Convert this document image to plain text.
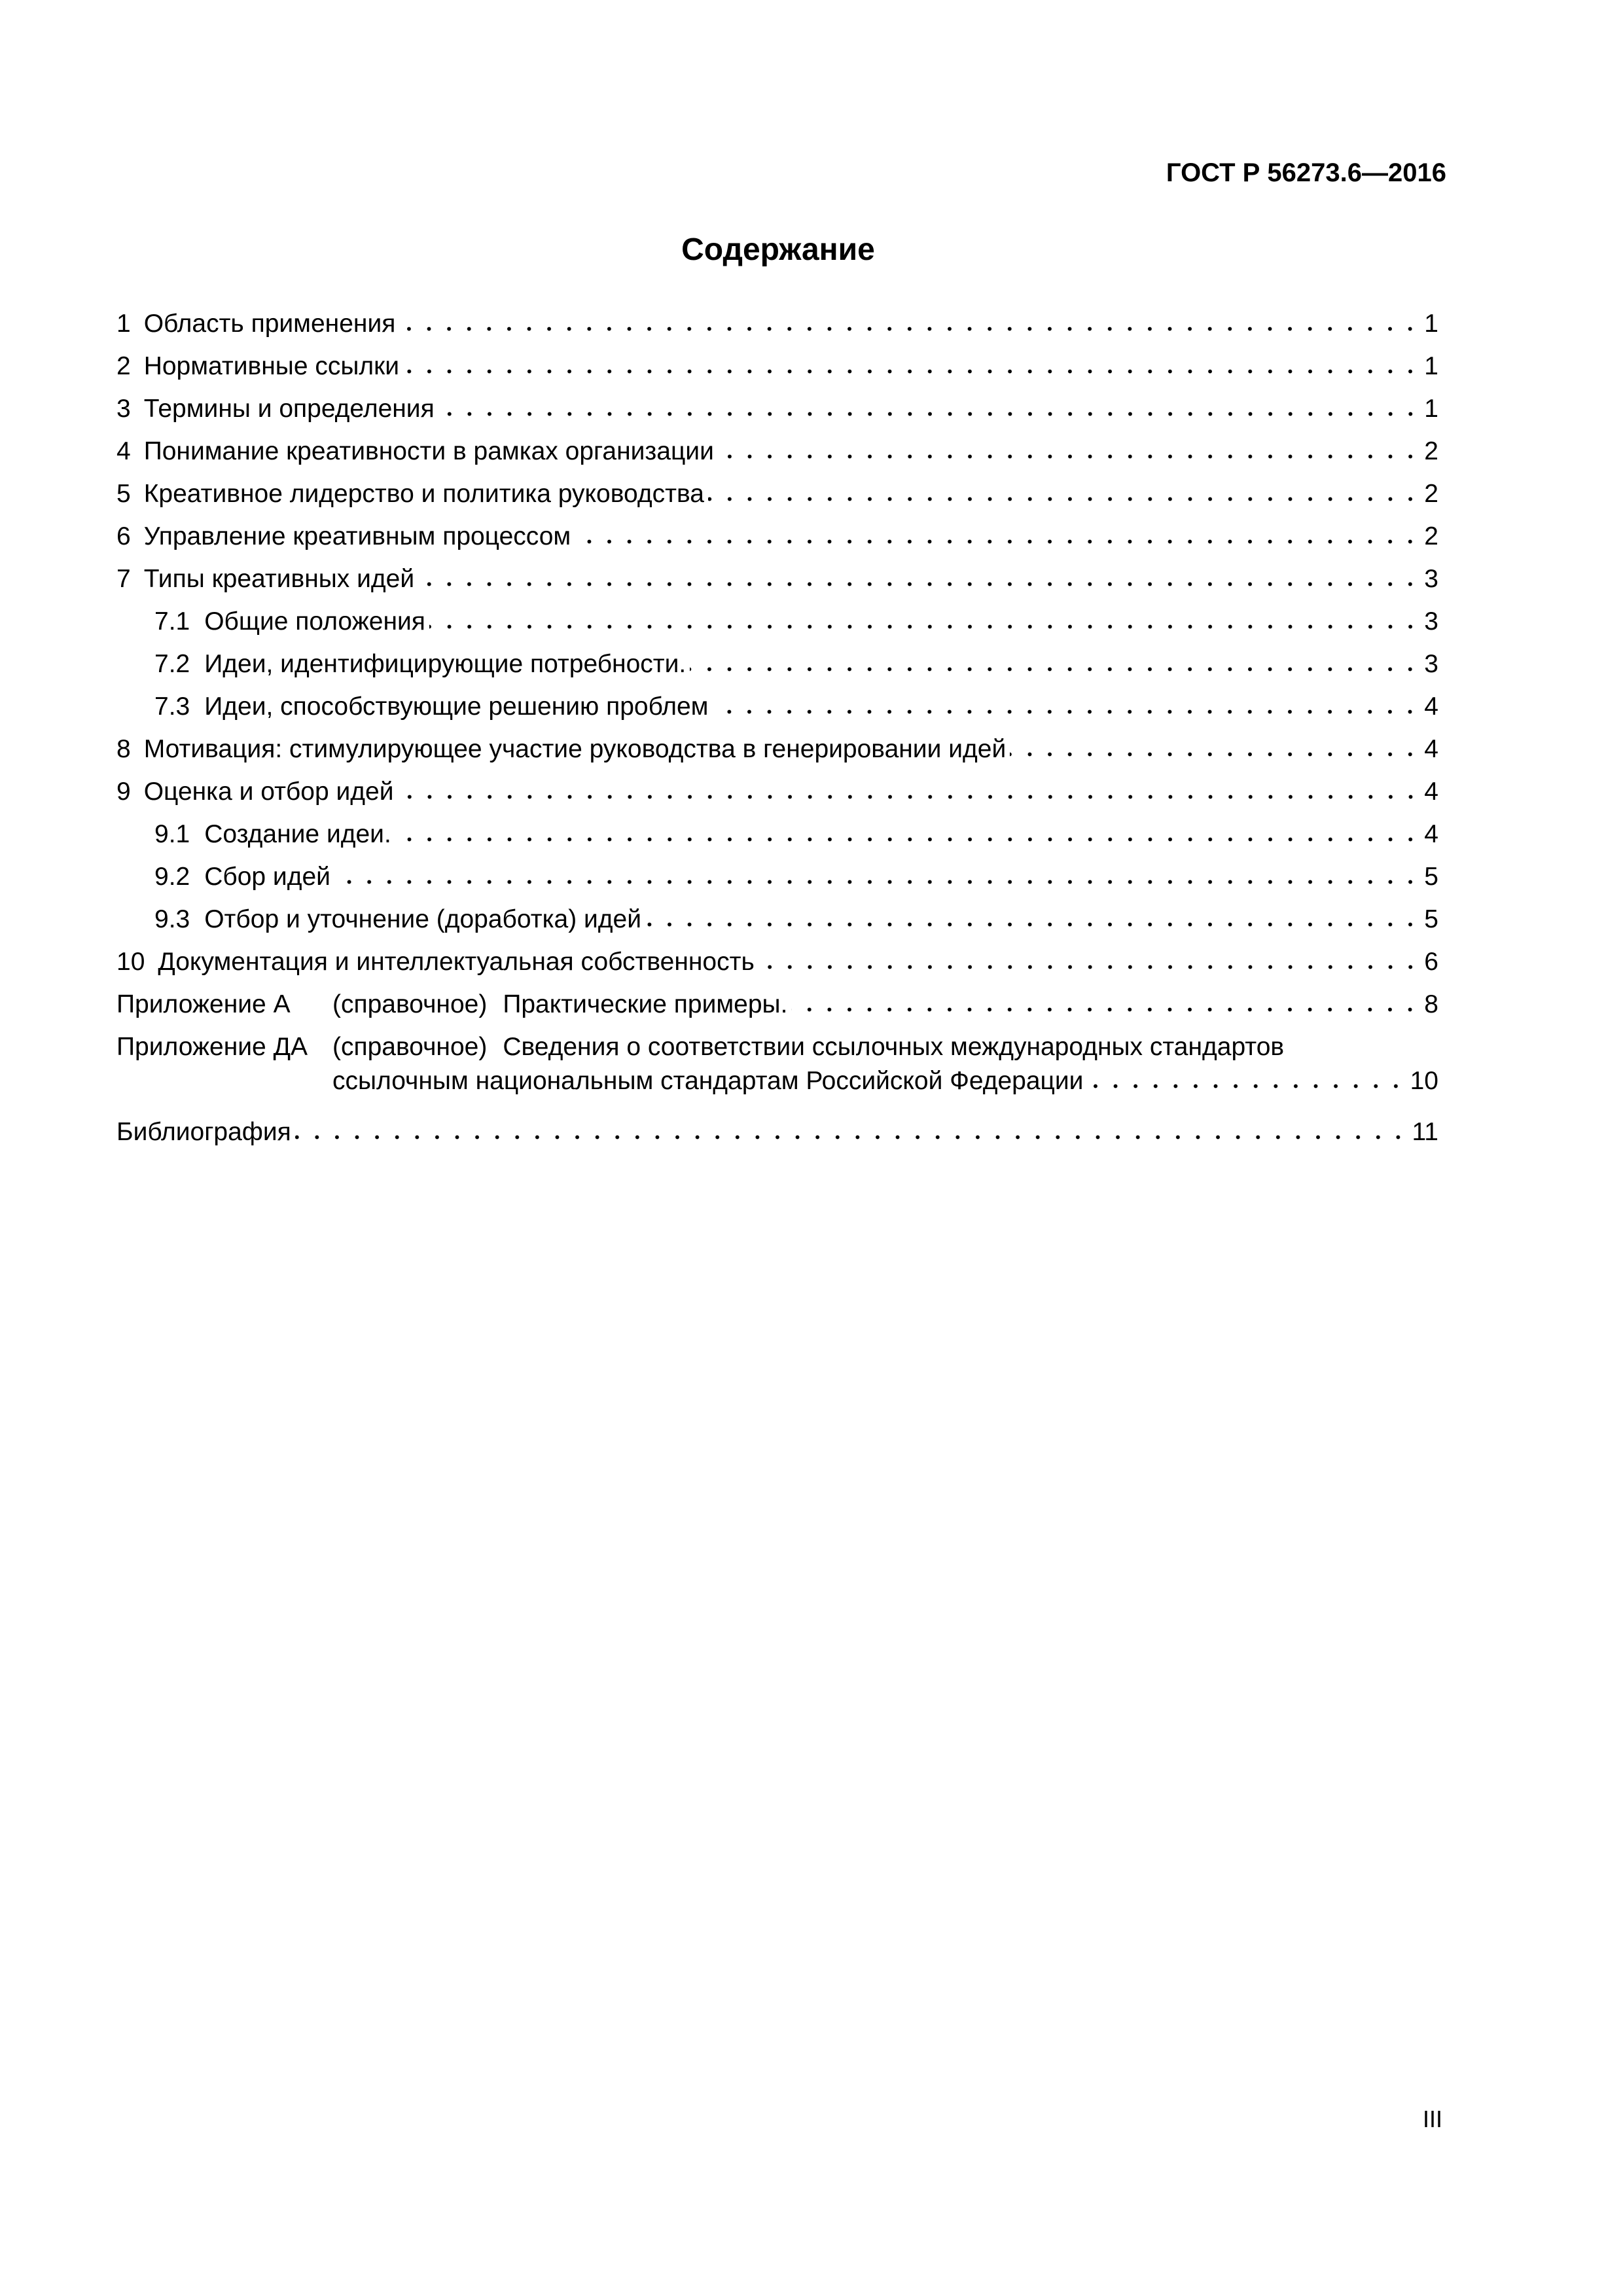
ГОСТ Р 56273.6—2016
Содержание
1 Область применения	1
2 Нормативные ссылки	1
3 Термины и определения	1
4 Понимание креативности в рамках организации	2
5 Креативное лидерство и политика руководства	2
6 Управление креативным процессом	2
7 Типы креативных идей	3
7.1 Общие положения	3
7.2 Идеи, идентифицирующие потребности.	3
7.3 Идеи, способствующие решению проблем	4
8 Мотивация: стимулирующее участие руководства в генерировании идей	4
9 Оценка и отбор идей	4
9.1 Создание идеи.	4
9.2 Сбор идей	5
9.3 Отбор и уточнение (доработка) идей	5
10 Документация и интеллектуальная собственность	6
Приложение А	(справочное) Практические примеры.	8
Приложение ДА (справочное) Сведения о соответствии ссылочных международных стандартов
ссылочным национальным стандартам Российской Федерации	10
Библиография	11
III
